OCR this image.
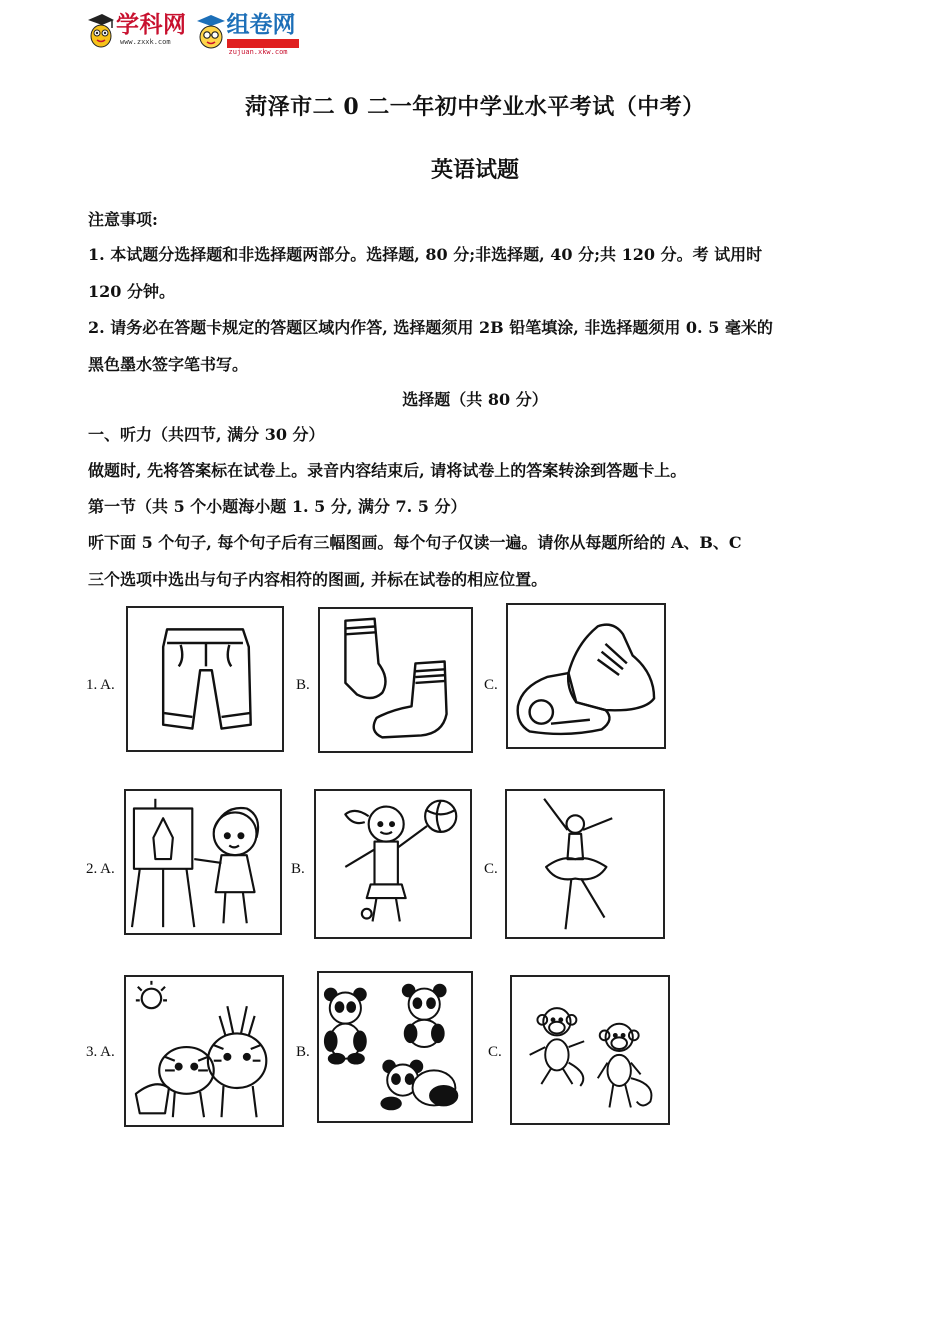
学科网
www.zxxk.com
组卷网
zujuan.xkw.com
菏泽市二 0 二一年初中学业水平考试（中考）
英语试题
注意事项:
1. 本试题分选择题和非选择题两部分。选择题, 80 分;非选择题, 40 分;共 120 分。考 试用时
120 分钟。
2. 请务必在答题卡规定的答题区域内作答, 选择题须用 2B 铅笔填涂, 非选择题须用 0. 5 毫米的
黑色墨水签字笔书写。
选择题（共 80 分）
一、听力（共四节, 满分 30 分）
做题时, 先将答案标在试卷上。录音内容结束后, 请将试卷上的答案转涂到答题卡上。
第一节（共 5 个小题海小题 1. 5 分, 满分 7. 5 分）
听下面 5 个句子, 每个句子后有三幅图画。每个句子仅读一遍。请你从每题所给的 A、B、C
三个选项中选出与句子内容相符的图画, 并标在试卷的相应位置。
1. A.	B.	C.
2. A.	B.	C.
3. A.	B.	C.
